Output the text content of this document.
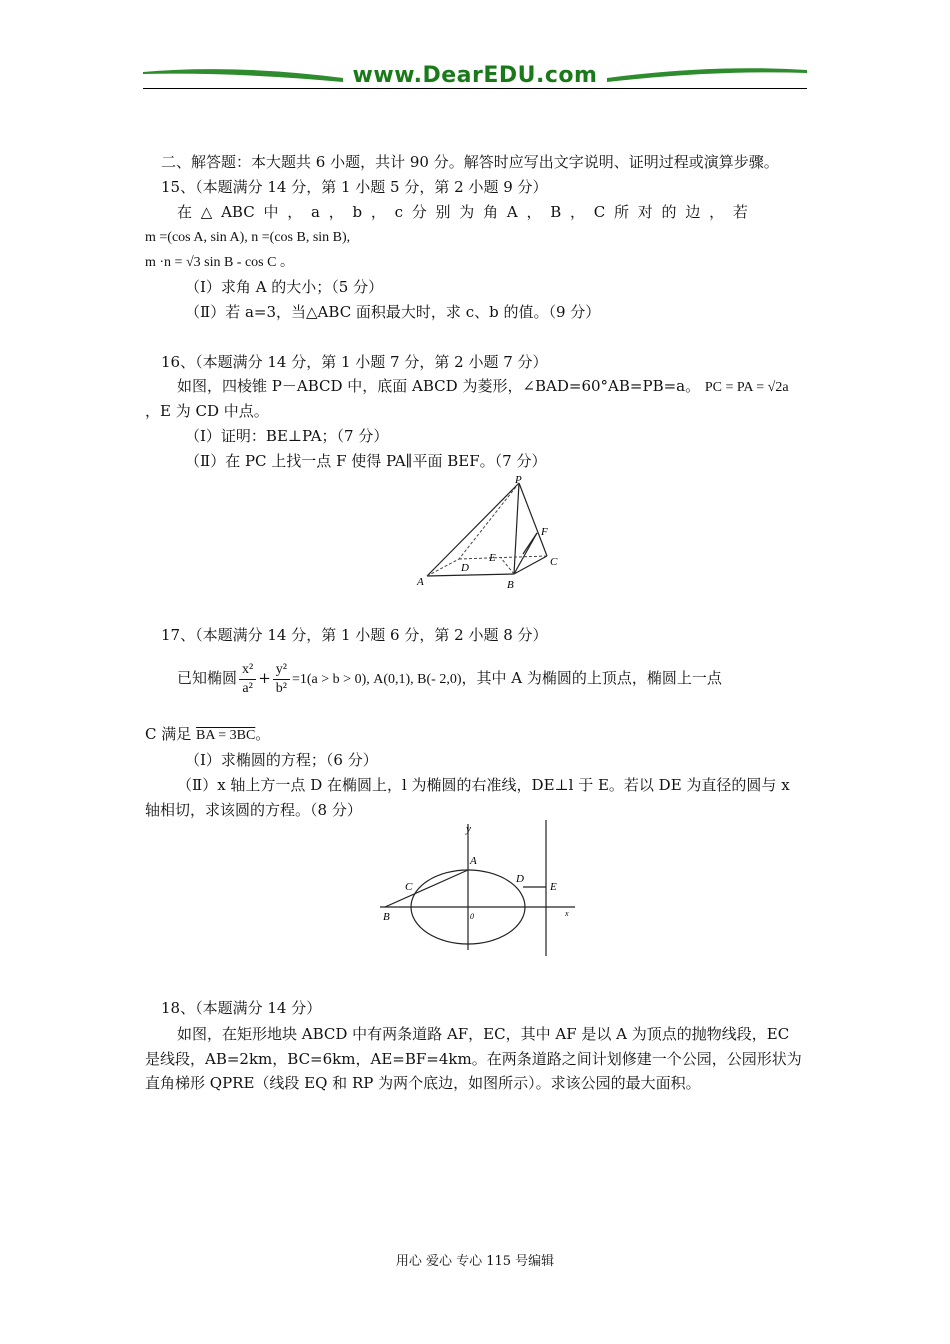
www.DearEDU.com
二、解答题：本大题共 6 小题，共计 90 分。解答时应写出文字说明、证明过程或演算步骤。
15、（本题满分 14 分，第 1 小题 5 分，第 2 小题 9 分）
在 △ ABC 中 ， a ， b ， c 分 别 为 角 A ， B ， C 所 对 的 边 ， 若
m =(cos A, sin A), n =(cos B, sin B),
m ·n = √3 sin B - cos C 。
（Ⅰ）求角 A 的大小；（5 分）
（Ⅱ）若 a=3，当△ABC 面积最大时，求 c、b 的值。（9 分）
16、（本题满分 14 分，第 1 小题 7 分，第 2 小题 7 分）
如图，四棱锥 P－ABCD 中，底面 ABCD 为菱形，∠BAD=60°AB=PB=a。 PC = PA = √2a
，E 为 CD 中点。
（Ⅰ）证明：BE⊥PA；（7 分）
（Ⅱ）在 PC 上找一点 F 使得 PA∥平面 BEF。（7 分）
P
F
E
D	C
A	B
17、（本题满分 14 分，第 1 小题 6 分，第 2 小题 8 分）
已知椭圆 $\frac{\text{x²}}{\text{a²}} + \frac{\text{y²}}{\text{b²}} =1(a > b > 0)$, A(0,1), B(- 2,0)，其中 A 为椭圆的上顶点，椭圆上一点
C 满足 BA = 3BC。
（Ⅰ）求椭圆的方程；（6 分）
（Ⅱ）x 轴上方一点 D 在椭圆上，l 为椭圆的右准线，DE⊥l 于 E。若以 DE 为直径的圆与 x
轴相切，求该圆的方程。（8 分）
y
A
C
D
E
B	0	x
18、（本题满分 14 分）
如图，在矩形地块 ABCD 中有两条道路 AF，EC，其中 AF 是以 A 为顶点的抛物线段，EC
是线段，AB=2km，BC=6km，AE=BF=4km。在两条道路之间计划修建一个公园，公园形状为
直角梯形 QPRE（线段 EQ 和 RP 为两个底边，如图所示）。求该公园的最大面积。
用心 爱心 专心 115 号编辑
